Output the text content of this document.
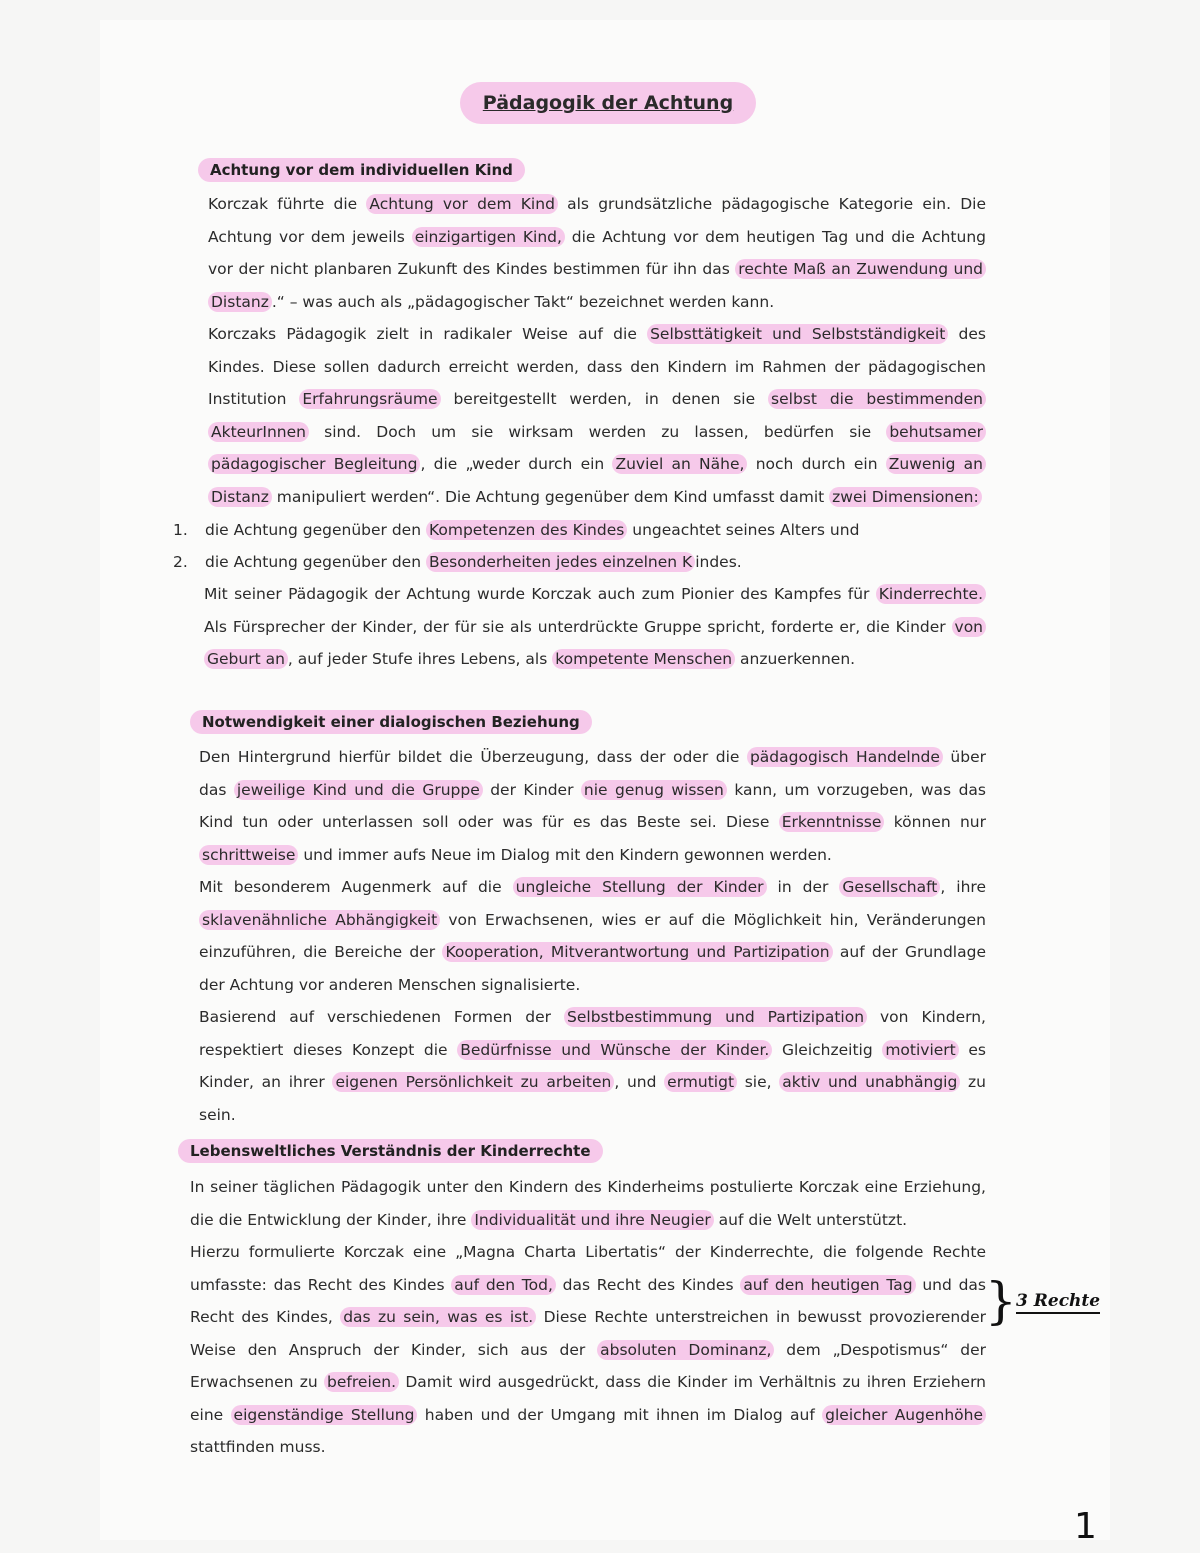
Pädagogik der Achtung
Achtung vor dem individuellen Kind

Korczak führte die Achtung vor dem Kind als grundsätzliche pädagogische Kategorie ein. Die Achtung vor dem jeweils einzigartigen Kind, die Achtung vor dem heutigen Tag und die Achtung vor der nicht planbaren Zukunft des Kindes bestimmen für ihn das rechte Maß an Zuwendung und Distanz .“ – was auch als „pädagogischer Takt“ bezeichnet werden kann.

Korczaks Pädagogik zielt in radikaler Weise auf die Selbsttätigkeit und Selbstständigkeit des Kindes. Diese sollen dadurch erreicht werden, dass den Kindern im Rahmen der pädagogischen Institution Erfahrungsräume bereitgestellt werden, in denen sie selbst die bestimmenden AkteurInnen sind. Doch um sie wirksam werden zu lassen, bedürfen sie behutsamer pädagogischer Begleitung , die „weder durch ein Zuviel an Nähe, noch durch ein Zuwenig an Distanz manipuliert werden“. Die Achtung gegenüber dem Kind umfasst damit zwei Dimensionen:

1. die Achtung gegenüber den Kompetenzen des Kindes ungeachtet seines Alters und
2. die Achtung gegenüber den Besonderheiten jedes einzelnen K indes.

Mit seiner Pädagogik der Achtung wurde Korczak auch zum Pionier des Kampfes für Kinderrechte. Als Fürsprecher der Kinder, der für sie als unterdrückte Gruppe spricht, forderte er, die Kinder von Geburt an , auf jeder Stufe ihres Lebens, als kompetente Menschen anzuerkennen.

Notwendigkeit einer dialogischen Beziehung

Den Hintergrund hierfür bildet die Überzeugung, dass der oder die pädagogisch Handelnde über das jeweilige Kind und die Gruppe der Kinder nie genug wissen kann, um vorzugeben, was das Kind tun oder unterlassen soll oder was für es das Beste sei. Diese Erkenntnisse können nur schrittweise und immer aufs Neue im Dialog mit den Kindern gewonnen werden.

Mit besonderem Augenmerk auf die ungleiche Stellung der Kinder in der Gesellschaft , ihre sklavenähnliche Abhängigkeit von Erwachsenen, wies er auf die Möglichkeit hin, Veränderungen einzuführen, die Bereiche der Kooperation, Mitverantwortung und Partizipation auf der Grundlage der Achtung vor anderen Menschen signalisierte.

Basierend auf verschiedenen Formen der Selbstbestimmung und Partizipation von Kindern, respektiert dieses Konzept die Bedürfnisse und Wünsche der Kinder. Gleichzeitig motiviert es Kinder, an ihrer eigenen Persönlichkeit zu arbeiten , und ermutigt sie, aktiv und unabhängig zu sein.

Lebensweltliches Verständnis der Kinderrechte

In seiner täglichen Pädagogik unter den Kindern des Kinderheims postulierte Korczak eine Erziehung, die die Entwicklung der Kinder, ihre Individualität und ihre Neugier auf die Welt unterstützt.

Hierzu formulierte Korczak eine „Magna Charta Libertatis“ der Kinderrechte, die folgende Rechte umfasste: das Recht des Kindes auf den Tod, das Recht des Kindes auf den heutigen Tag und das Recht des Kindes, das zu sein, was es ist. Diese Rechte unterstreichen in bewusst provozierender Weise den Anspruch der Kinder, sich aus der absoluten Dominanz, dem „Despotismus“ der Erwachsenen zu befreien. Damit wird ausgedrückt, dass die Kinder im Verhältnis zu ihren Erziehern eine eigenständige Stellung haben und der Umgang mit ihnen im Dialog auf gleicher Augenhöhe stattfinden muss.

} 3 Rechte
1
